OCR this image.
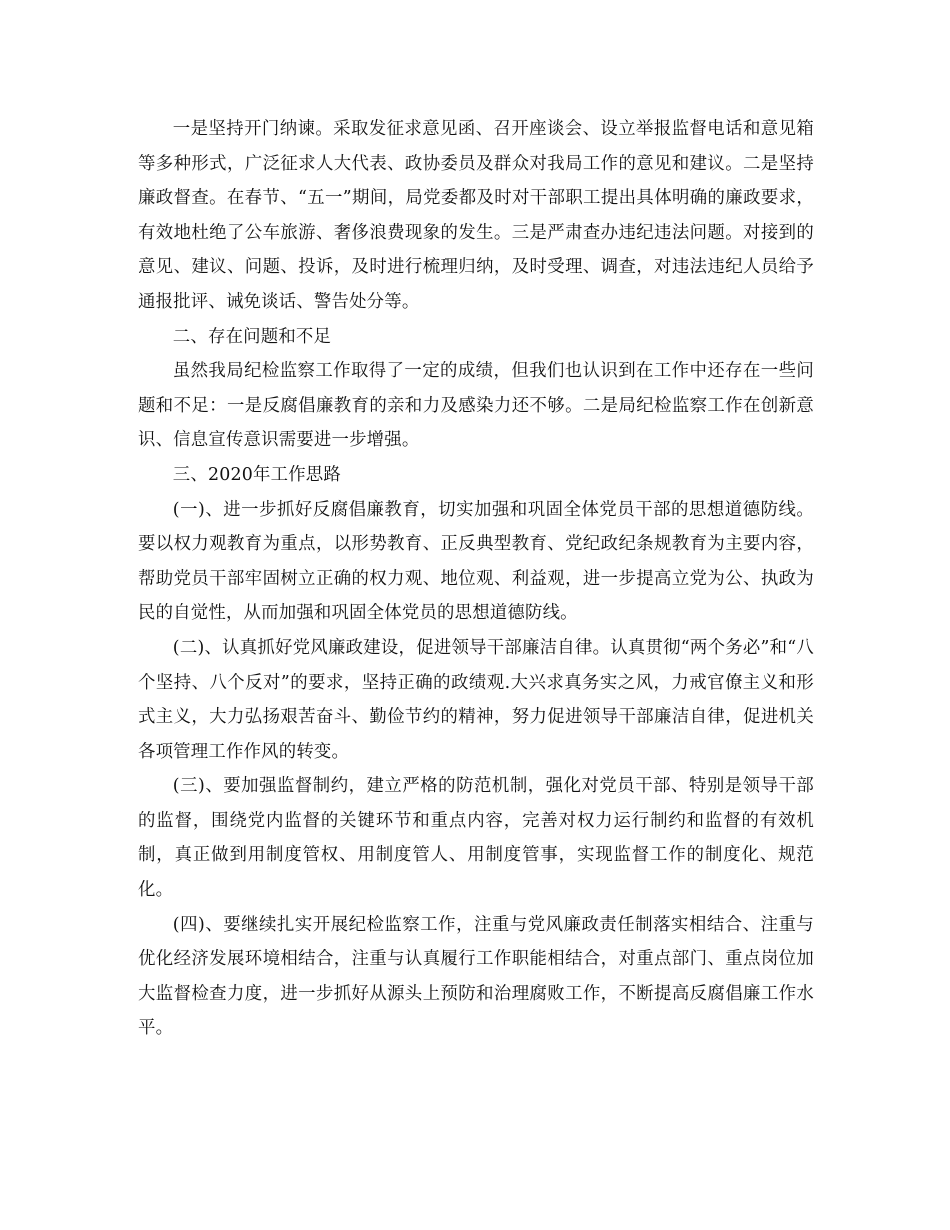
一是坚持开门纳谏。采取发征求意见函、召开座谈会、设立举报监督电话和意见箱等多种形式，广泛征求人大代表、政协委员及群众对我局工作的意见和建议。二是坚持廉政督查。在春节、“五一”期间，局党委都及时对干部职工提出具体明确的廉政要求，有效地杜绝了公车旅游、奢侈浪费现象的发生。三是严肃查办违纪违法问题。对接到的意见、建议、问题、投诉，及时进行梳理归纳，及时受理、调查，对违法违纪人员给予通报批评、诫免谈话、警告处分等。

二、存在问题和不足

虽然我局纪检监察工作取得了一定的成绩，但我们也认识到在工作中还存在一些问题和不足：一是反腐倡廉教育的亲和力及感染力还不够。二是局纪检监察工作在创新意识、信息宣传意识需要进一步增强。

三、2020年工作思路

(一)、进一步抓好反腐倡廉教育，切实加强和巩固全体党员干部的思想道德防线。要以权力观教育为重点，以形势教育、正反典型教育、党纪政纪条规教育为主要内容，帮助党员干部牢固树立正确的权力观、地位观、利益观，进一步提高立党为公、执政为民的自觉性，从而加强和巩固全体党员的思想道德防线。

(二)、认真抓好党风廉政建设，促进领导干部廉洁自律。认真贯彻“两个务必”和“八个坚持、八个反对”的要求，坚持正确的政绩观.大兴求真务实之风，力戒官僚主义和形式主义，大力弘扬艰苦奋斗、勤俭节约的精神，努力促进领导干部廉洁自律，促进机关各项管理工作作风的转变。

(三)、要加强监督制约，建立严格的防范机制，强化对党员干部、特别是领导干部的监督，围绕党内监督的关键环节和重点内容，完善对权力运行制约和监督的有效机制，真正做到用制度管权、用制度管人、用制度管事，实现监督工作的制度化、规范化。

(四)、要继续扎实开展纪检监察工作，注重与党风廉政责任制落实相结合、注重与优化经济发展环境相结合，注重与认真履行工作职能相结合，对重点部门、重点岗位加大监督检查力度，进一步抓好从源头上预防和治理腐败工作，不断提高反腐倡廉工作水平。
